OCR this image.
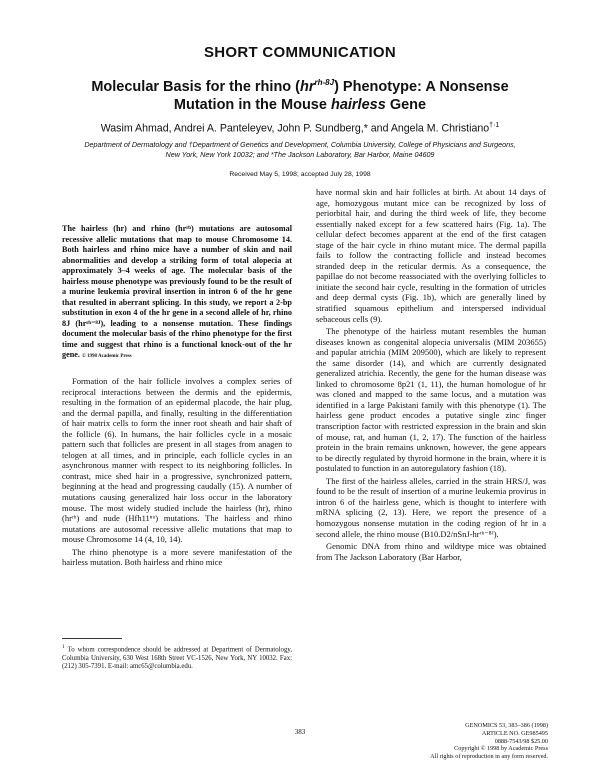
SHORT COMMUNICATION
Molecular Basis for the rhino $(hr^{rh-8J})$ Phenotype: A Nonsense
Mutation in the Mouse hairless Gene
Wasim Ahmad, Andrei A. Panteleyev, John P. Sundberg,* and Angela M. Christiano$^{\dagger\cdot 1}$
Department of Dermatology and †Department of Genetics and Development, Columbia University, College of Physicians and Surgeons,
New York, New York 10032; and *The Jackson Laboratory, Bar Harbor, Maine 04609
Received May 5, 1998; accepted July 28, 1998

The hairless (hr) and rhino (hrʳʰ) mutations are autosomal recessive allelic mutations that map to mouse Chromosome 14. Both hairless and rhino mice have a number of skin and nail abnormalities and develop a striking form of total alopecia at approximately 3–4 weeks of age. The molecular basis of the hairless mouse phenotype was previously found to be the result of a murine leukemia proviral insertion in intron 6 of the hr gene that resulted in aberrant splicing. In this study, we report a 2-bp substitution in exon 4 of the hr gene in a second allele of hr, rhino 8J (hrʳʰ⁻⁸ᴶ), leading to a nonsense mutation. These findings document the molecular basis of the rhino phenotype for the first time and suggest that rhino is a functional knock-out of the hr gene. © 1998 Academic Press

Formation of the hair follicle involves a complex series of reciprocal interactions between the dermis and the epidermis, resulting in the formation of an epidermal placode, the hair plug, and the dermal papilla, and finally, resulting in the differentiation of hair matrix cells to form the inner root sheath and hair shaft of the follicle (6). In humans, the hair follicles cycle in a mosaic pattern such that follicles are present in all stages from anagen to telogen at all times, and in principle, each follicle cycles in an asynchronous manner with respect to its neighboring follicles. In contrast, mice shed hair in a progressive, synchronized pattern, beginning at the head and progressing caudally (15). A number of mutations causing generalized hair loss occur in the laboratory mouse. The most widely studied include the hairless (hr), rhino (hrʳʰ) and nude (Hfh11ⁿᵘ) mutations. The hairless and rhino mutations are autosomal recessive allelic mutations that map to mouse Chromosome 14 (4, 10, 14).

The rhino phenotype is a more severe manifestation of the hairless mutation. Both hairless and rhino mice

$^1$ To whom correspondence should be addressed at Department of Dermatology, Columbia University, 630 West 168th Street VC-1526, New York, NY 10032. Fax: (212) 305-7391. E-mail: amc65@columbia.edu.

have normal skin and hair follicles at birth. At about 14 days of age, homozygous mutant mice can be recognized by loss of periorbital hair, and during the third week of life, they become essentially naked except for a few scattered hairs (Fig. 1a). The cellular defect becomes apparent at the end of the first catagen stage of the hair cycle in rhino mutant mice. The dermal papilla fails to follow the contracting follicle and instead becomes stranded deep in the reticular dermis. As a consequence, the papillae do not become reassociated with the overlying follicles to initiate the second hair cycle, resulting in the formation of utricles and deep dermal cysts (Fig. 1b), which are generally lined by stratified squamous epithelium and interspersed individual sebaceous cells (9).

The phenotype of the hairless mutant resembles the human diseases known as congenital alopecia universalis (MIM 203655) and papular atrichia (MIM 209500), which are likely to represent the same disorder (14), and which are currently designated generalized atrichia. Recently, the gene for the human disease was linked to chromosome 8p21 (1, 11), the human homologue of hr was cloned and mapped to the same locus, and a mutation was identified in a large Pakistani family with this phenotype (1). The hairless gene product encodes a putative single zinc finger transcription factor with restricted expression in the brain and skin of mouse, rat, and human (1, 2, 17). The function of the hairless protein in the brain remains unknown, however, the gene appears to be directly regulated by thyroid hormone in the brain, where it is postulated to function in an autoregulatory fashion (18).

The first of the hairless alleles, carried in the strain HRS/J, was found to be the result of insertion of a murine leukemia provirus in intron 6 of the hairless gene, which is thought to interfere with mRNA splicing (2, 13). Here, we report the presence of a homozygous nonsense mutation in the coding region of hr in a second allele, the rhino mouse (B10.D2/nSnJ-hrʳʰ⁻⁸ᴶ).

Genomic DNA from rhino and wildtype mice was obtained from The Jackson Laboratory (Bar Harbor,

383
GENOMICS 53, 383–386 (1998)
ARTICLE NO. GE985495
0888-7543/98 $25.00
Copyright © 1998 by Academic Press
All rights of reproduction in any form reserved.
